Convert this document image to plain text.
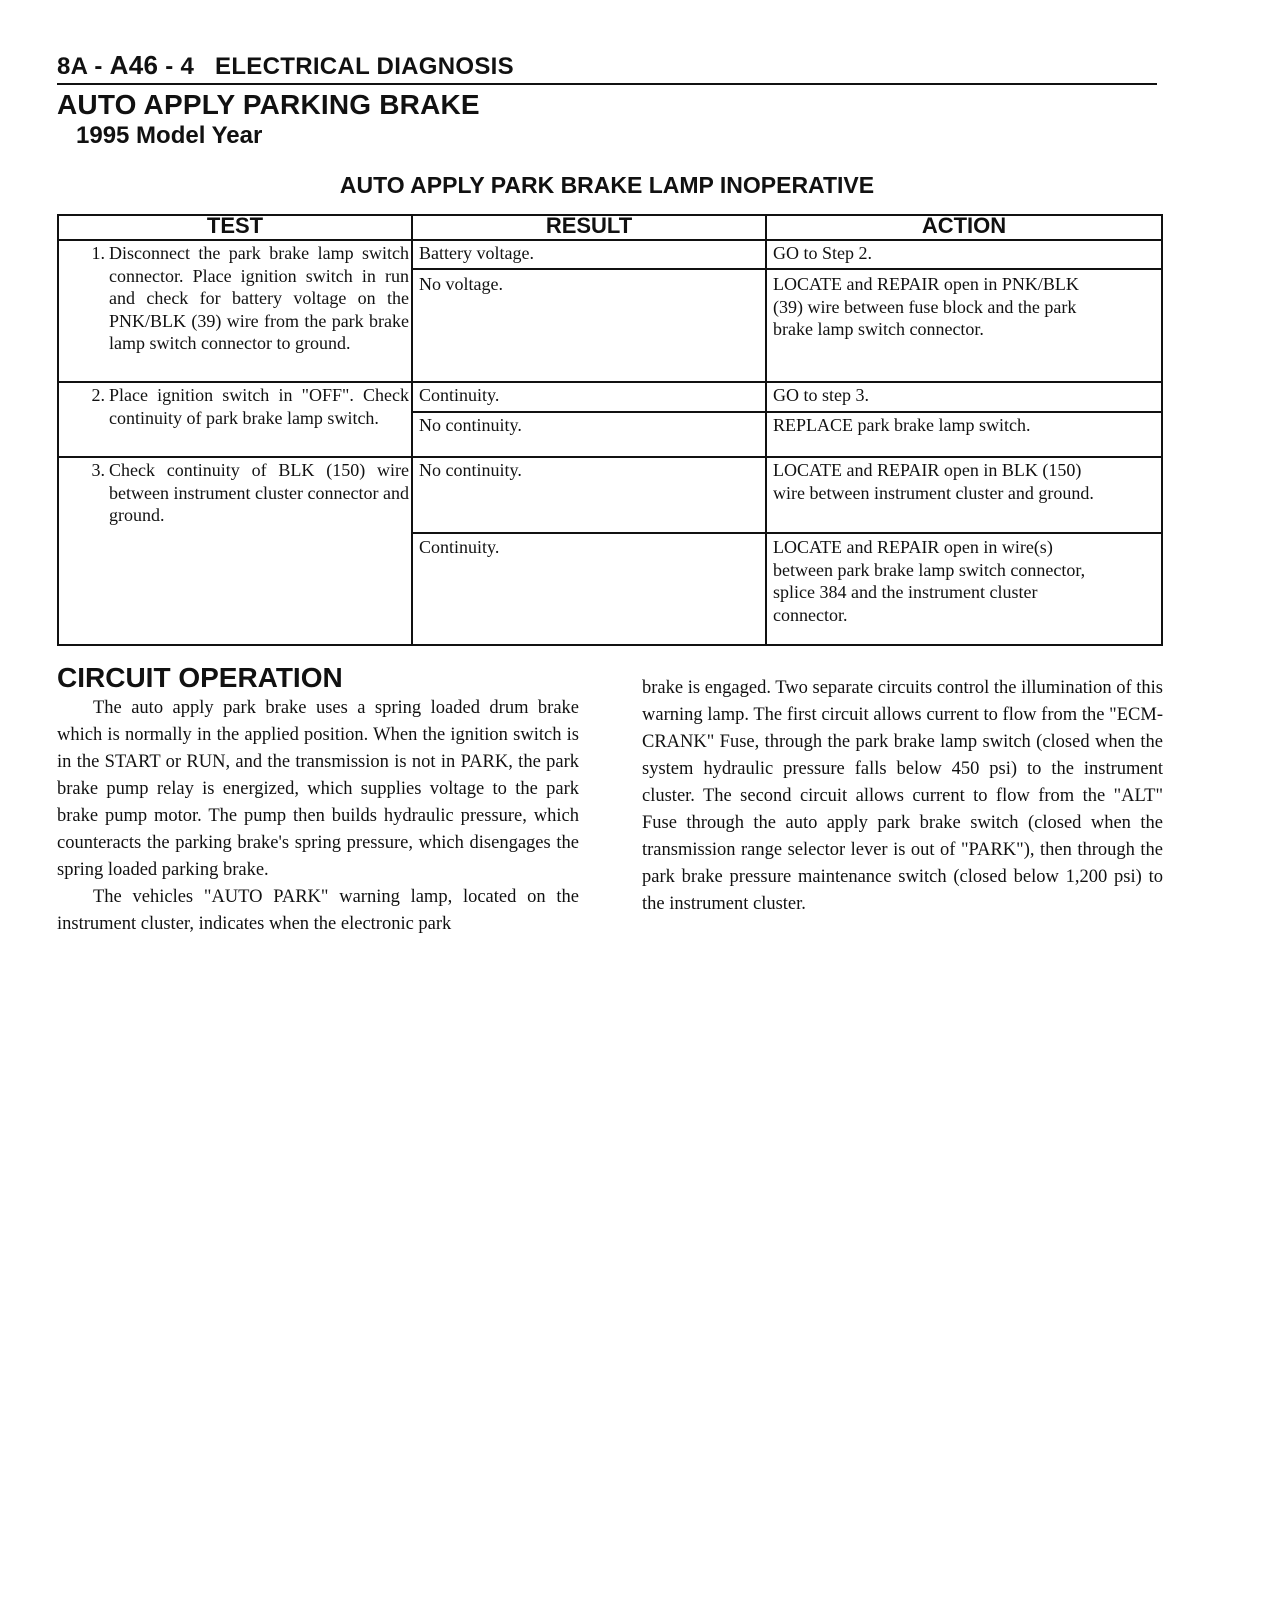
8A - A46 - 4 ELECTRICAL DIAGNOSIS
AUTO APPLY PARKING BRAKE
1995 Model Year
AUTO APPLY PARK BRAKE LAMP INOPERATIVE
TEST	RESULT	ACTION
1. Disconnect the park brake lamp switch connector. Place ignition switch in run and check for battery voltage on the PNK/BLK (39) wire from the park brake lamp switch connector to ground.
2. Place ignition switch in "OFF". Check continuity of park brake lamp switch.
3. Check continuity of BLK (150) wire between instrument cluster connector and ground.
Battery voltage.
No voltage.
Continuity.
No continuity.
No continuity.
Continuity.
GO to Step 2.
LOCATE and REPAIR open in PNK/BLK (39) wire between fuse block and the park brake lamp switch connector.
GO to step 3.
REPLACE park brake lamp switch.
LOCATE and REPAIR open in BLK (150) wire between instrument cluster and ground.
LOCATE and REPAIR open in wire(s) between park brake lamp switch connector, splice 384 and the instrument cluster connector.
CIRCUIT OPERATION

The auto apply park brake uses a spring loaded drum brake which is normally in the applied position. When the ignition switch is in the START or RUN, and the transmission is not in PARK, the park brake pump relay is energized, which supplies voltage to the park brake pump motor. The pump then builds hydraulic pressure, which counteracts the parking brake's spring pressure, which disengages the spring loaded parking brake.

The vehicles "AUTO PARK" warning lamp, located on the instrument cluster, indicates when the electronic park

brake is engaged. Two separate circuits control the illumination of this warning lamp. The first circuit allows current to flow from the "ECM-CRANK" Fuse, through the park brake lamp switch (closed when the system hydraulic pressure falls below 450 psi) to the instrument cluster. The second circuit allows current to flow from the "ALT" Fuse through the auto apply park brake switch (closed when the transmission range selector lever is out of "PARK"), then through the park brake pressure maintenance switch (closed below 1,200 psi) to the instrument cluster.
